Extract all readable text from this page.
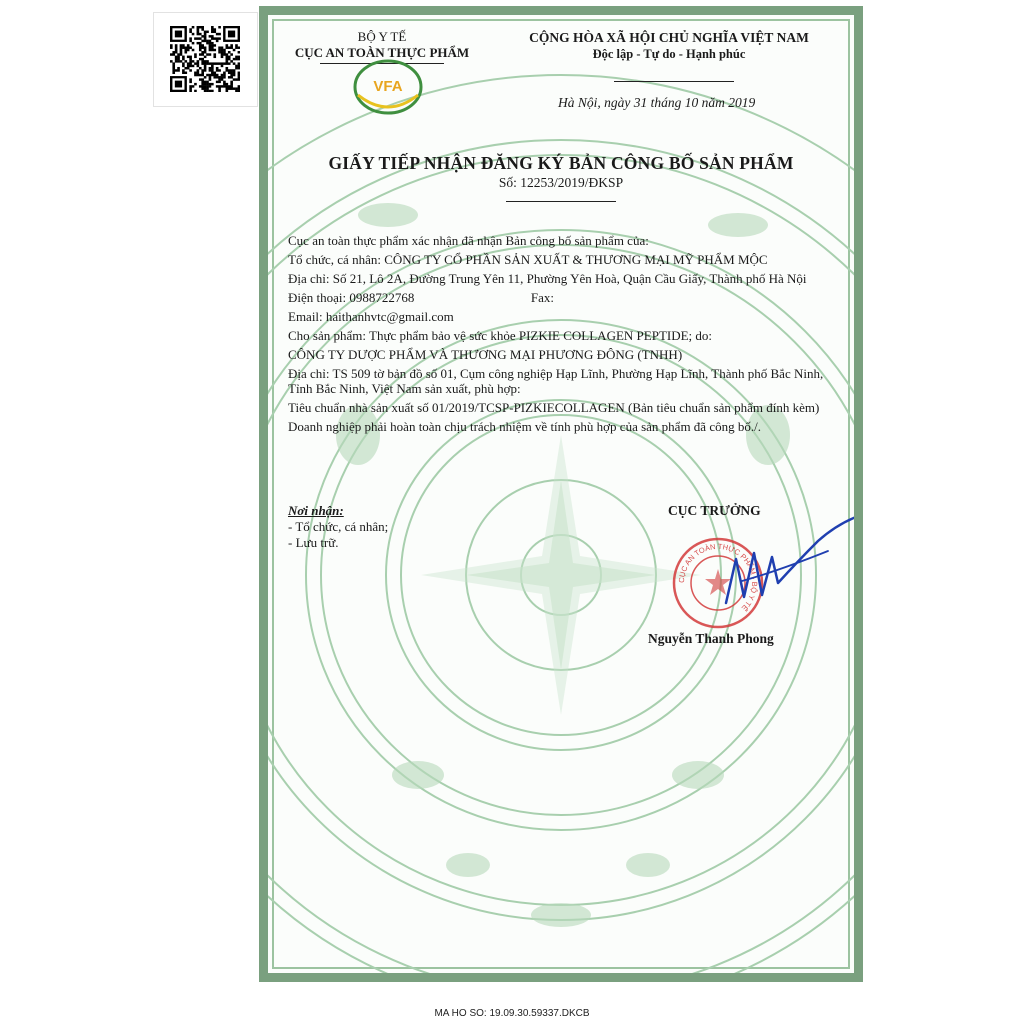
BỘ Y TẾ
CỤC AN TOÀN THỰC PHẨM
VFA
CỘNG HÒA XÃ HỘI CHỦ NGHĨA VIỆT NAM
Độc lập - Tự do - Hạnh phúc
Hà Nội, ngày 31 tháng 10 năm 2019
GIẤY TIẾP NHẬN ĐĂNG KÝ BẢN CÔNG BỐ SẢN PHẨM
Số: 12253/2019/ĐKSP

Cục an toàn thực phẩm xác nhận đã nhận Bản công bố sản phẩm của:

Tổ chức, cá nhân: CÔNG TY CỔ PHẦN SẢN XUẤT & THƯƠNG MẠI MỸ PHẨM MỘC

Địa chỉ: Số 21, Lô 2A, Đường Trung Yên 11, Phường Yên Hoà, Quận Cầu Giấy, Thành phố Hà Nội

Điện thoại: 0988722768	Fax:

Email: haithanhvtc@gmail.com

Cho sản phẩm: Thực phẩm bảo vệ sức khỏe PIZKIE COLLAGEN PEPTIDE; do:

CÔNG TY DƯỢC PHẨM VÀ THƯƠNG MẠI PHƯƠNG ĐÔNG (TNHH)

Địa chỉ: TS 509 tờ bản đồ số 01, Cụm công nghiệp Hạp Lĩnh, Phường Hạp Lĩnh, Thành phố Bắc Ninh, Tỉnh Bắc Ninh, Việt Nam sản xuất, phù hợp:

Tiêu chuẩn nhà sản xuất số 01/2019/TCSP-PIZKIECOLLAGEN (Bản tiêu chuẩn sản phẩm đính kèm)

Doanh nghiệp phải hoàn toàn chịu trách nhiệm về tính phù hợp của sản phẩm đã công bố./.

Nơi nhận:
- Tổ chức, cá nhân;
- Lưu trữ.
CỤC TRƯỞNG
CỤC AN TOÀN THỰC PHẨM - BỘ Y TẾ
Nguyễn Thanh Phong
MA HO SO: 19.09.30.59337.DKCB
